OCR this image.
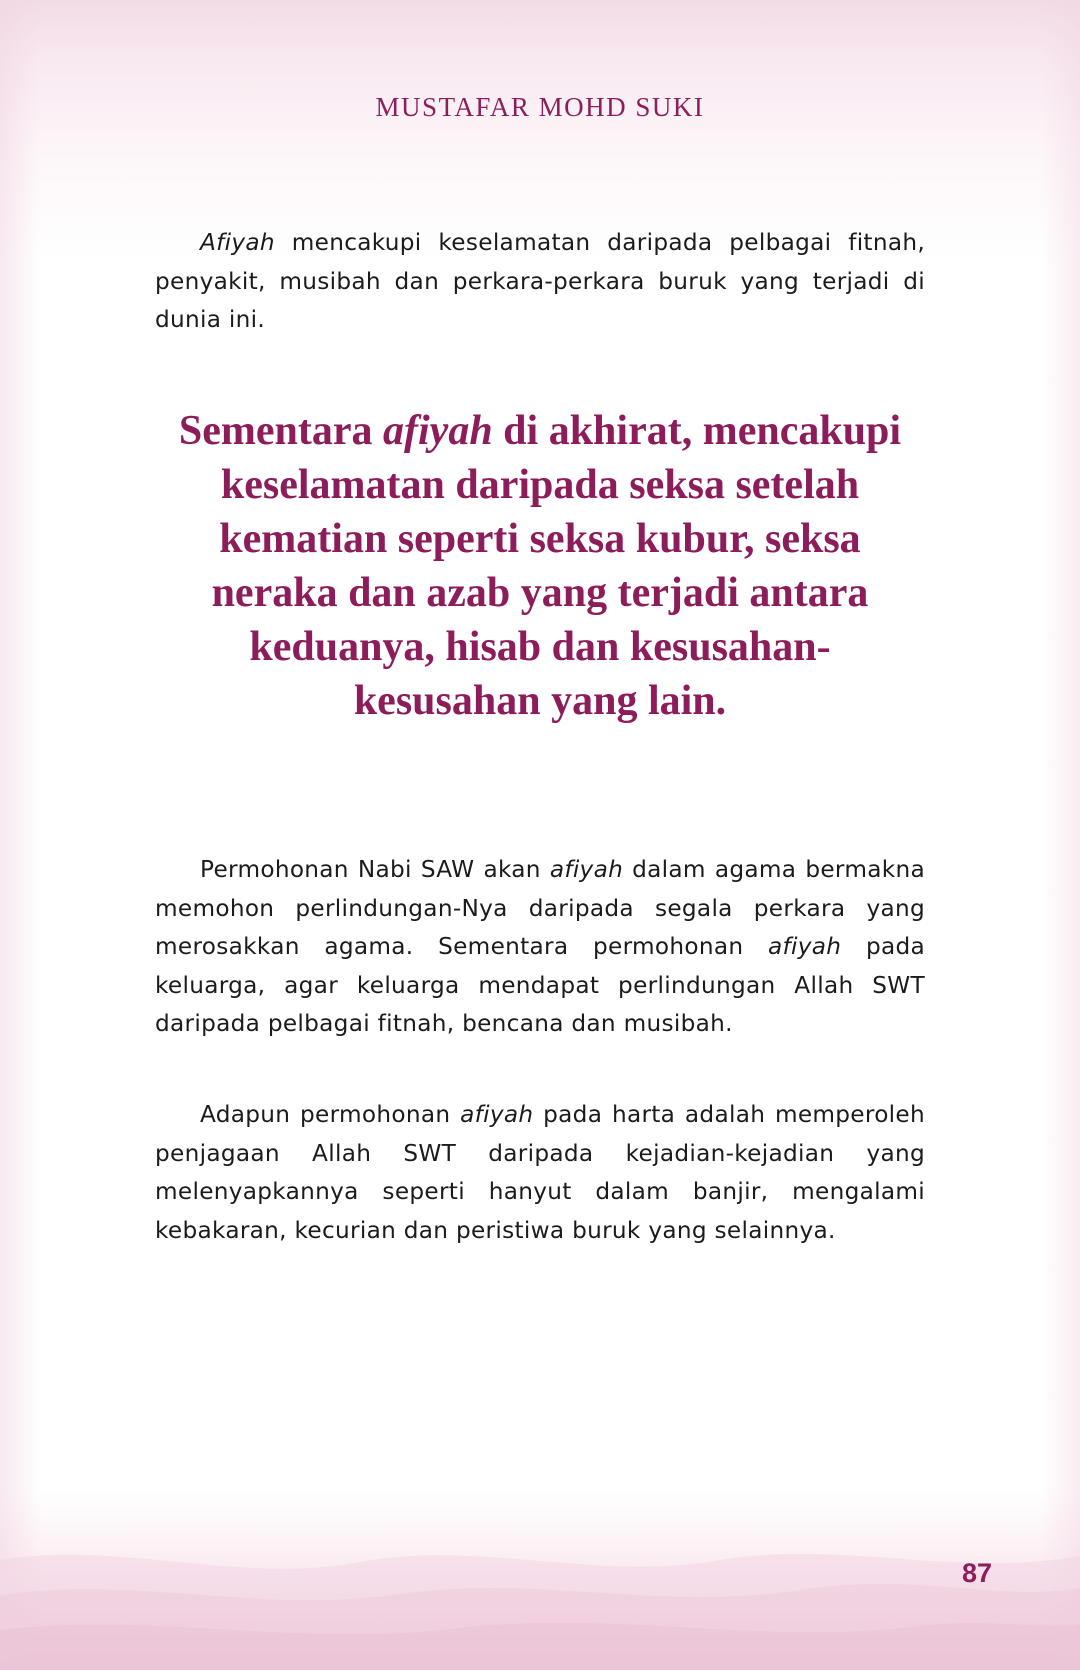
MUSTAFAR MOHD SUKI

Afiyah mencakupi keselamatan daripada pelbagai fitnah, penyakit, musibah dan perkara-perkara buruk yang terjadi di dunia ini.

Sementara afiyah di akhirat, mencakupi keselamatan daripada seksa setelah kematian seperti seksa kubur, seksa neraka dan azab yang terjadi antara keduanya, hisab dan kesusahan-kesusahan yang lain.

Permohonan Nabi SAW akan afiyah dalam agama bermakna memohon perlindungan-Nya daripada segala perkara yang merosakkan agama. Sementara permohonan afiyah pada keluarga, agar keluarga mendapat perlindungan Allah SWT daripada pelbagai fitnah, bencana dan musibah.

Adapun permohonan afiyah pada harta adalah memperoleh penjagaan Allah SWT daripada kejadian-kejadian yang melenyapkannya seperti hanyut dalam banjir, mengalami kebakaran, kecurian dan peristiwa buruk yang selainnya.

87
